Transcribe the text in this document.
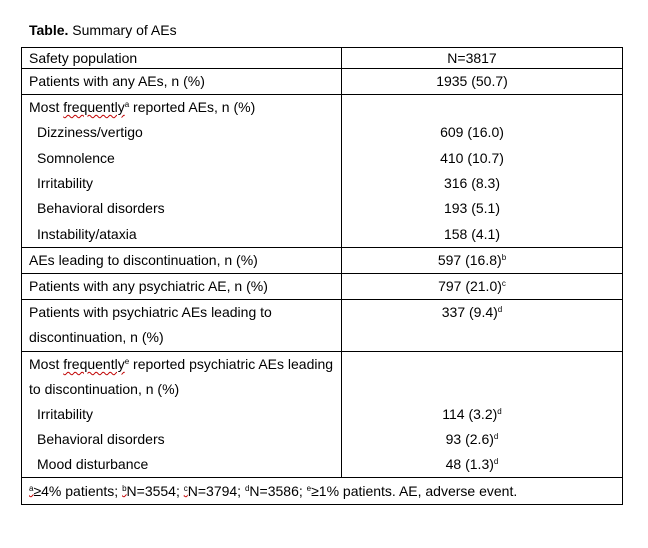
Table. Summary of AEs
Safety population	N=3817
Patients with any AEs, n (%)	1935 (50.7)
Most frequently$^a$ reported AEs, n (%)	
Dizziness/vertigo	609 (16.0)
Somnolence	410 (10.7)
Irritability	316 (8.3)
Behavioral disorders	193 (5.1)
Instability/ataxia	158 (4.1)
AEs leading to discontinuation, n (%)	597 $(16.8)^b$
Patients with any psychiatric AE, n (%)	797 $(21.0)^c$
Patients with psychiatric AEs leading to
discontinuation, n (%)	337 $(9.4)^d$
Most frequently$^e$ reported psychiatric AEs leading
to discontinuation, n (%)	
Irritability	114 $(3.2)^d$
Behavioral disorders	93 $(2.6)^d$
Mood disturbance	48 $(1.3)^d$
$^a$≥4% patients; $^b$N=3554; $^c$N=3794; $^d$N=3586; $^e$≥1% patients. AE, adverse event.	
